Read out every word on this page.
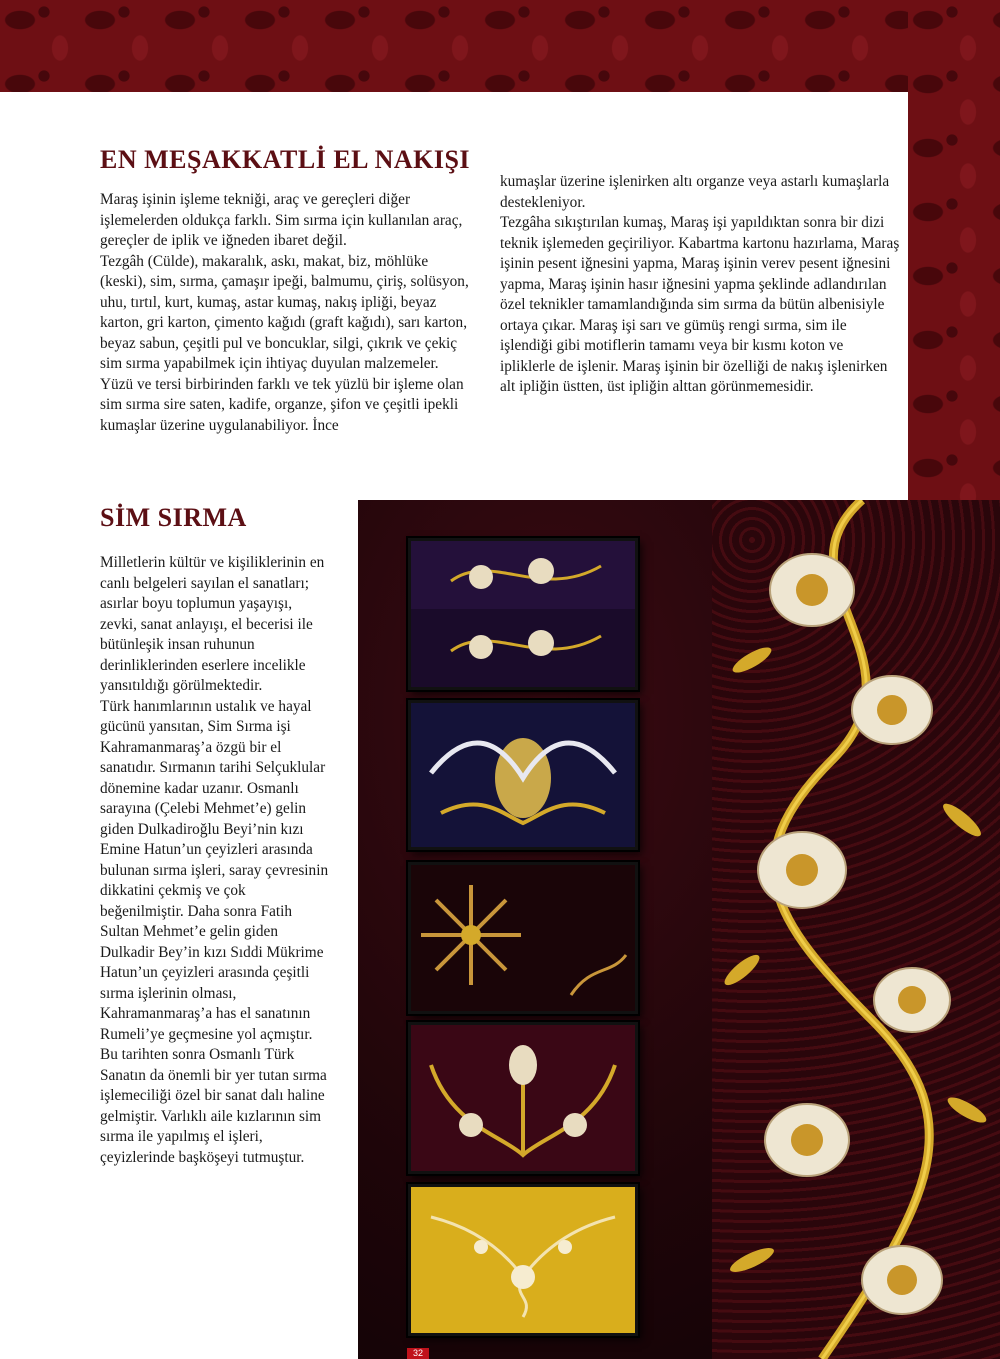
EN MEŞAKKATLİ EL NAKIŞI

Maraş işinin işleme tekniği, araç ve gereçleri diğer işlemelerden oldukça farklı. Sim sırma için kullanılan araç, gereçler de iplik ve iğneden ibaret değil.

Tezgâh (Cülde), makaralık, askı, makat, biz, möhlüke (keski), sim, sırma, çamaşır ipeği, balmumu, çiriş, solüsyon, uhu, tırtıl, kurt, kumaş, astar kumaş, nakış ipliği, beyaz karton, gri karton, çimento kağıdı (graft kağıdı), sarı karton, beyaz sabun, çeşitli pul ve boncuklar, silgi, çıkrık ve çekiç sim sırma yapabilmek için ihtiyaç duyulan malzemeler.

Yüzü ve tersi birbirinden farklı ve tek yüzlü bir işleme olan sim sırma sire saten, kadife, organze, şifon ve çeşitli ipekli kumaşlar üzerine uygulanabiliyor. İnce

kumaşlar üzerine işlenirken altı organze veya astarlı kumaşlarla destekleniyor.

Tezgâha sıkıştırılan kumaş, Maraş işi yapıldıktan sonra bir dizi teknik işlemeden geçiriliyor. Kabartma kartonu hazırlama, Maraş işinin pesent iğnesini yapma, Maraş işinin verev pesent iğnesini yapma, Maraş işinin hasır iğnesini yapma şeklinde adlandırılan özel teknikler tamamlandığında sim sırma da bütün albenisiyle ortaya çıkar. Maraş işi sarı ve gümüş rengi sırma, sim ile işlendiği gibi motiflerin tamamı veya bir kısmı koton ve ipliklerle de işlenir. Maraş işinin bir özelliği de nakış işlenirken alt ipliğin üstten, üst ipliğin alttan görünmemesidir.

SİM SIRMA

Milletlerin kültür ve kişiliklerinin en canlı belgeleri sayılan el sanatları; asırlar boyu toplumun yaşayışı, zevki, sanat anlayışı, el becerisi ile bütünleşik insan ruhunun derinliklerinden eserlere incelikle yansıtıldığı görülmektedir.

Türk hanımlarının ustalık ve hayal gücünü yansıtan, Sim Sırma işi Kahramanmaraş’a özgü bir el sanatıdır. Sırmanın tarihi Selçuklular dönemine kadar uzanır. Osmanlı sarayına (Çelebi Mehmet’e) gelin giden Dulkadiroğlu Beyi’nin kızı Emine Hatun’un çeyizleri arasında bulunan sırma işleri, saray çevresinin dikkatini çekmiş ve çok beğenilmiştir. Daha sonra Fatih Sultan Mehmet’e gelin giden Dulkadir Bey’in kızı Sıddi Mükrime Hatun’un çeyizleri arasında çeşitli sırma işlerinin olması, Kahramanmaraş’a has el sanatının Rumeli’ye geçmesine yol açmıştır. Bu tarihten sonra Osmanlı Türk Sanatın da önemli bir yer tutan sırma işlemeciliği özel bir sanat dalı haline gelmiştir. Varlıklı aile kızlarının sim sırma ile yapılmış el işleri, çeyizlerinde başköşeyi tutmuştur.

32
